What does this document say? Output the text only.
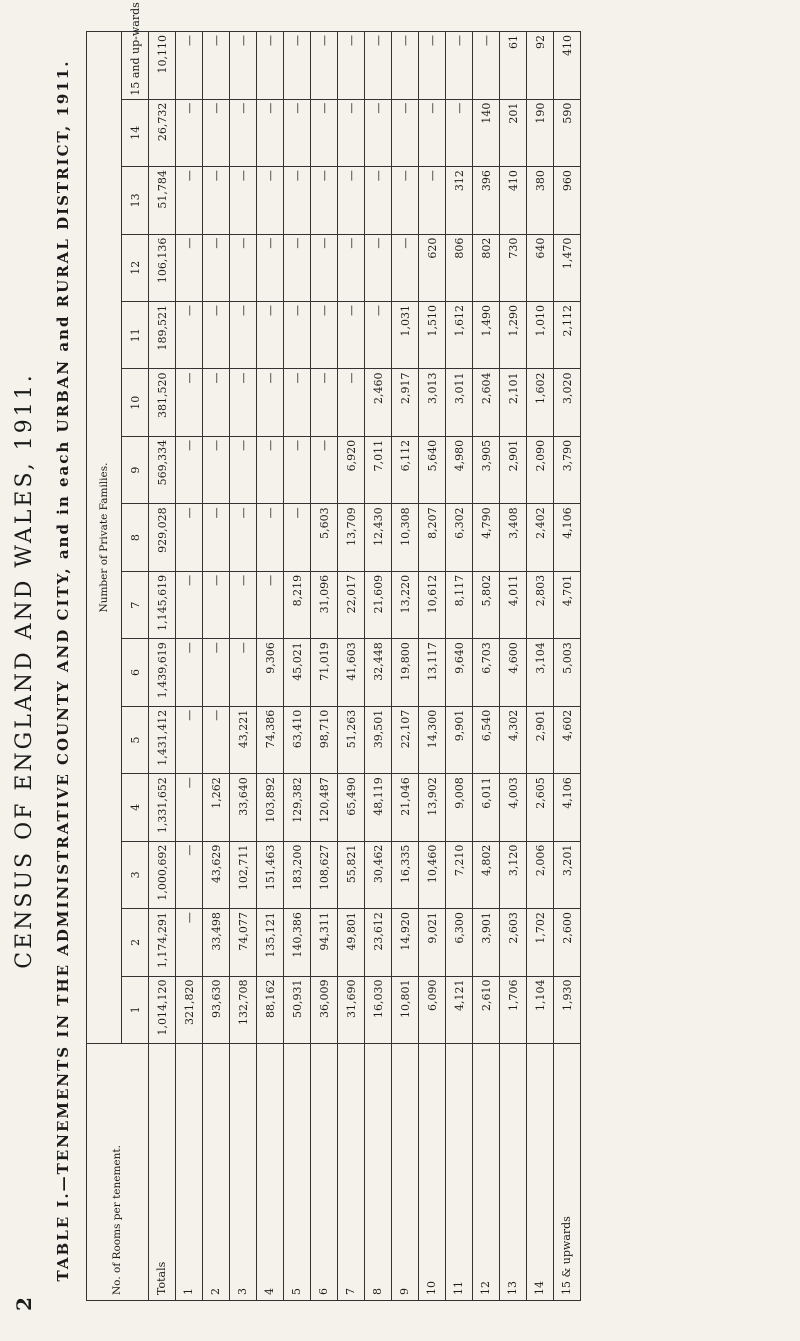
2
CENSUS OF ENGLAND AND WALES, 1911. TABLE I.—TENEMENTS IN THE ADMINISTRATIVE COUNTY AND CITY, and in each URBAN and RURAL DISTRICT, 1911.	No. of Rooms per tenement.	Number of Private Families.														
	1	2	3	4	5	6	7	8	9	10	11	12	13	14	15 and up-wards
Totals	1,014,120	1,174,291	1,000,692	1,331,652	1,431,412	1,439,619	1,145,619	929,028	569,334	381,520	189,521	106,136	51,784	26,732	10,110
1	321,820	—	—	—	—	—	—	—	—	—	—	—	—	—	—
2	93,630	33,498	43,629	1,262	—	—	—	—	—	—	—	—	—	—	—
3	132,708	74,077	102,711	33,640	43,221	—	—	—	—	—	—	—	—	—	—
4	88,162	135,121	151,463	103,892	74,386	9,306	—	—	—	—	—	—	—	—	—
5	50,931	140,386	183,200	129,382	63,410	45,021	8,219	—	—	—	—	—	—	—	—
6	36,009	94,311	108,627	120,487	98,710	71,019	31,096	5,603	—	—	—	—	—	—	—
7	31,690	49,801	55,821	65,490	51,263	41,603	22,017	13,709	6,920	—	—	—	—	—	—
8	16,030	23,612	30,462	48,119	39,501	32,448	21,609	12,430	7,011	2,460	—	—	—	—	—
9	10,801	14,920	16,335	21,046	22,107	19,800	13,220	10,308	6,112	2,917	1,031	—	—	—	—
10	6,090	9,021	10,460	13,902	14,300	13,117	10,612	8,207	5,640	3,013	1,510	620	—	—	—
11	4,121	6,300	7,210	9,008	9,901	9,640	8,117	6,302	4,980	3,011	1,612	806	312	—	—
12	2,610	3,901	4,802	6,011	6,540	6,703	5,802	4,790	3,905	2,604	1,490	802	396	140	—
13	1,706	2,603	3,120	4,003	4,302	4,600	4,011	3,408	2,901	2,101	1,290	730	410	201	61
14	1,104	1,702	2,006	2,605	2,901	3,104	2,803	2,402	2,090	1,602	1,010	640	380	190	92
15 & upwards	1,930	2,600	3,201	4,106	4,602	5,003	4,701	4,106	3,790	3,020	2,112	1,470	960	590	410
